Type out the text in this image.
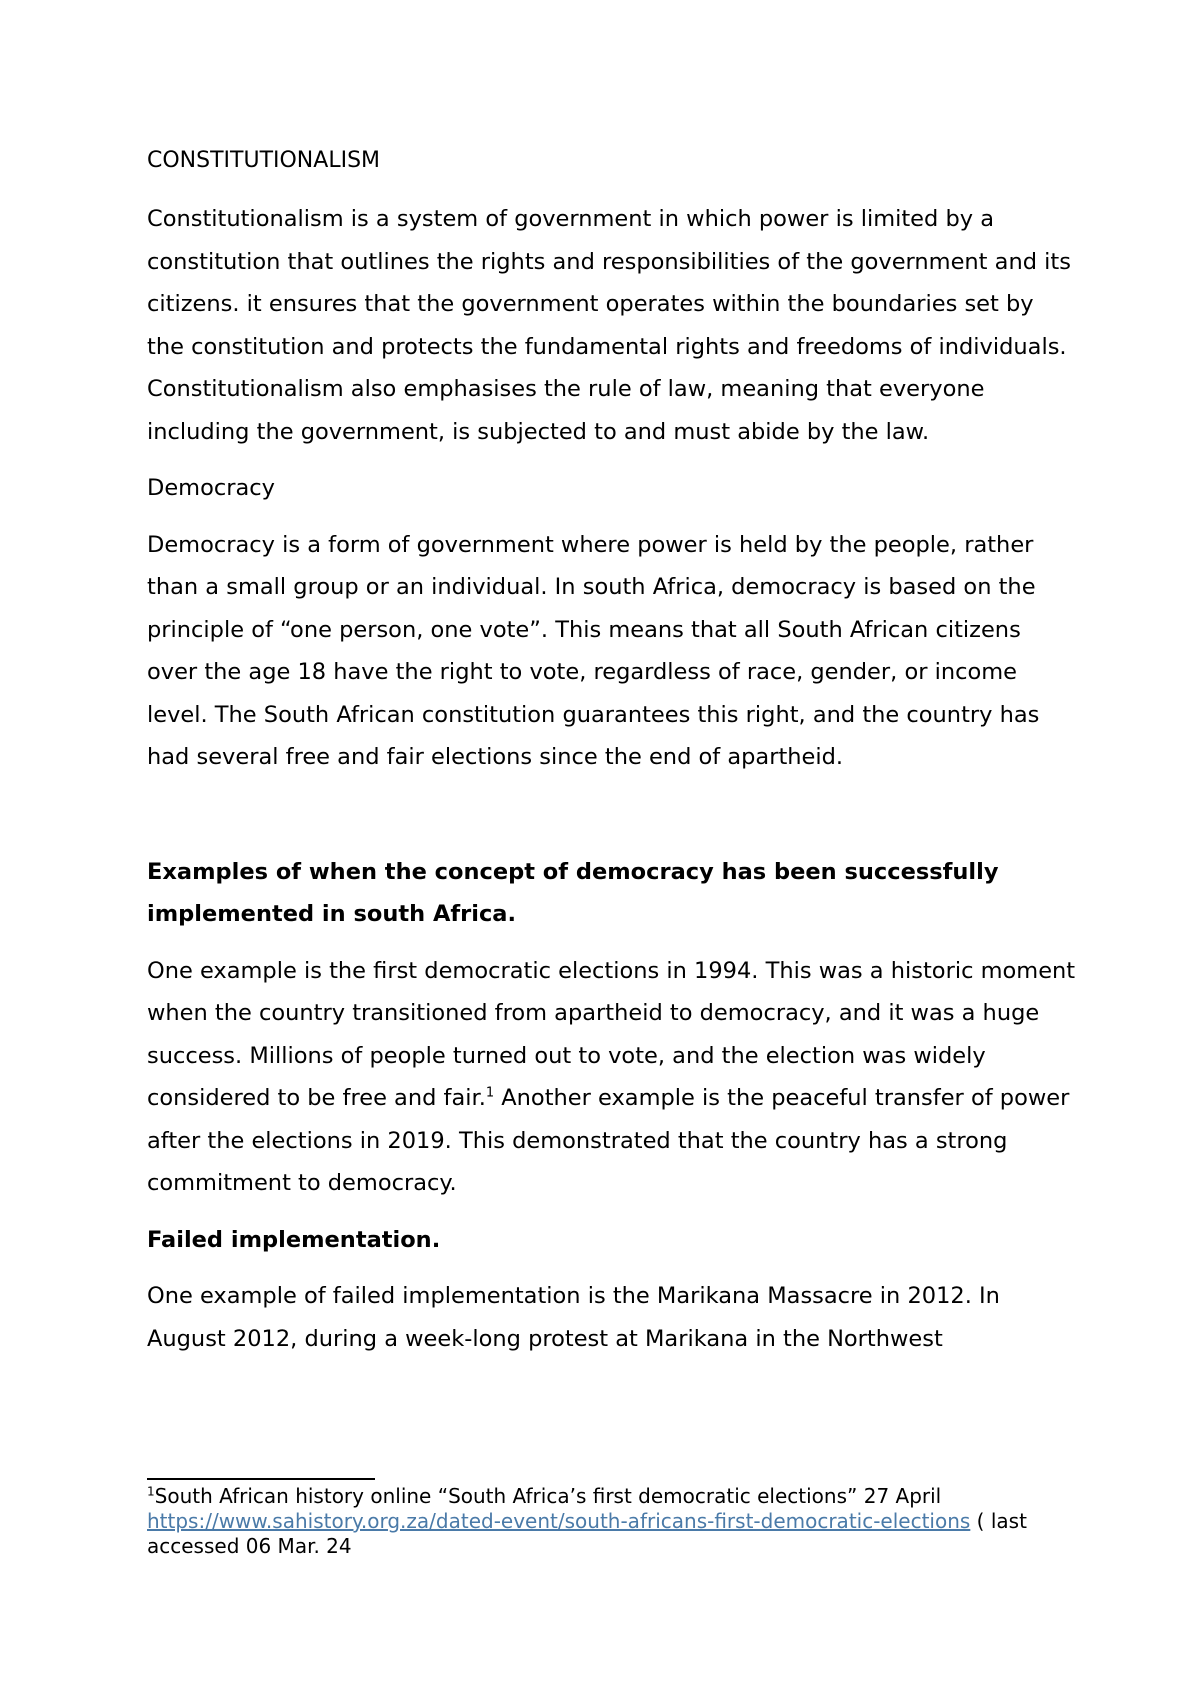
CONSTITUTIONALISM

Constitutionalism is a system of government in which power is limited by a constitution that outlines the rights and responsibilities of the government and its citizens. it ensures that the government operates within the boundaries set by the constitution and protects the fundamental rights and freedoms of individuals. Constitutionalism also emphasises the rule of law, meaning that everyone including the government, is subjected to and must abide by the law.

Democracy

Democracy is a form of government where power is held by the people, rather than a small group or an individual. In south Africa, democracy is based on the principle of “one person, one vote”. This means that all South African citizens over the age 18 have the right to vote, regardless of race, gender, or income level. The South African constitution guarantees this right, and the country has had several free and fair elections since the end of apartheid.

Examples of when the concept of democracy has been successfully implemented in south Africa.

One example is the first democratic elections in 1994. This was a historic moment when the country transitioned from apartheid to democracy, and it was a huge success. Millions of people turned out to vote, and the election was widely considered to be free and fair.$^1$ Another example is the peaceful transfer of power after the elections in 2019. This demonstrated that the country has a strong commitment to democracy.

Failed implementation.

One example of failed implementation is the Marikana Massacre in 2012. In August 2012, during a week-long protest at Marikana in the Northwest

$^1$South African history online “South Africa’s first democratic elections” 27 April https://www.sahistory.org.za/dated-event/south-africans-first-democratic-elections ( last accessed 06 Mar. 24
